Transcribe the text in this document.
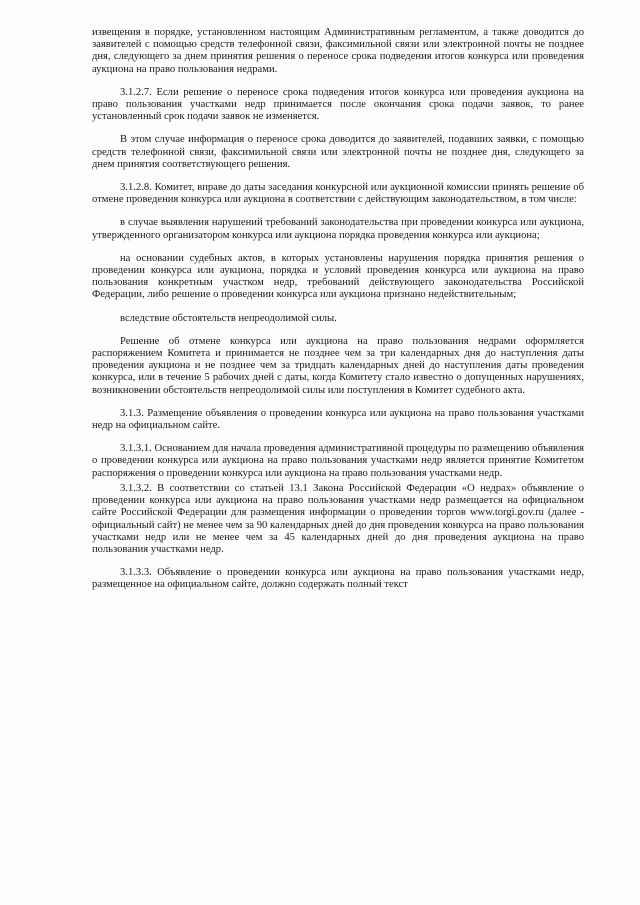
извещения в порядке, установленном настоящим Административным регламентом, а также доводится до заявителей с помощью средств телефонной связи, факсимильной связи или электронной почты не позднее дня, следующего за днем принятия решения о переносе срока подведения итогов конкурса или проведения аукциона на право пользования недрами.

3.1.2.7. Если решение о переносе срока подведения итогов конкурса или проведения аукциона на право пользования участками недр принимается после окончания срока подачи заявок, то ранее установленный срок подачи заявок не изменяется.

В этом случае информация о переносе срока доводится до заявителей, подавших заявки, с помощью средств телефонной связи, факсимильной связи или электронной почты не позднее дня, следующего за днем принятия соответствующего решения.

3.1.2.8. Комитет, вправе до даты заседания конкурсной или аукционной комиссии принять решение об отмене проведения конкурса или аукциона в соответствии с действующим законодательством, в том числе:

в случае выявления нарушений требований законодательства при проведении конкурса или аукциона, утвержденного организатором конкурса или аукциона порядка проведения конкурса или аукциона;

на основании судебных актов, в которых установлены нарушения порядка принятия решения о проведении конкурса или аукциона, порядка и условий проведения конкурса или аукциона на право пользования конкретным участком недр, требований действующего законодательства Российской Федерации, либо решение о проведении конкурса или аукциона признано недействительным;

вследствие обстоятельств непреодолимой силы.

Решение об отмене конкурса или аукциона на право пользования недрами оформляется распоряжением Комитета и принимается не позднее чем за три календарных дня до наступления даты проведения аукциона и не позднее чем за тридцать календарных дней до наступления даты проведения конкурса, или в течение 5 рабочих дней с даты, когда Комитету стало известно о допущенных нарушениях, возникновении обстоятельств непреодолимой силы или поступления в Комитет судебного акта.

3.1.3. Размещение объявления о проведении конкурса или аукциона на право пользования участками недр на официальном сайте.

3.1.3.1. Основанием для начала проведения административной процедуры по размещению объявления о проведении конкурса или аукциона на право пользования участками недр является принятие Комитетом распоряжения о проведении конкурса или аукциона на право пользования участками недр.

3.1.3.2. В соответствии со статьей 13.1 Закона Российской Федерации «О недрах» объявление о проведении конкурса или аукциона на право пользования участками недр размещается на официальном сайте Российской Федерации для размещения информации о проведении торгов www.torgi.gov.ru (далее - официальный сайт) не менее чем за 90 календарных дней до дня проведения конкурса на право пользования участками недр или не менее чем за 45 календарных дней до дня проведения аукциона на право пользования участками недр.

3.1.3.3. Объявление о проведении конкурса или аукциона на право пользования участками недр, размещенное на официальном сайте, должно содержать полный текст
